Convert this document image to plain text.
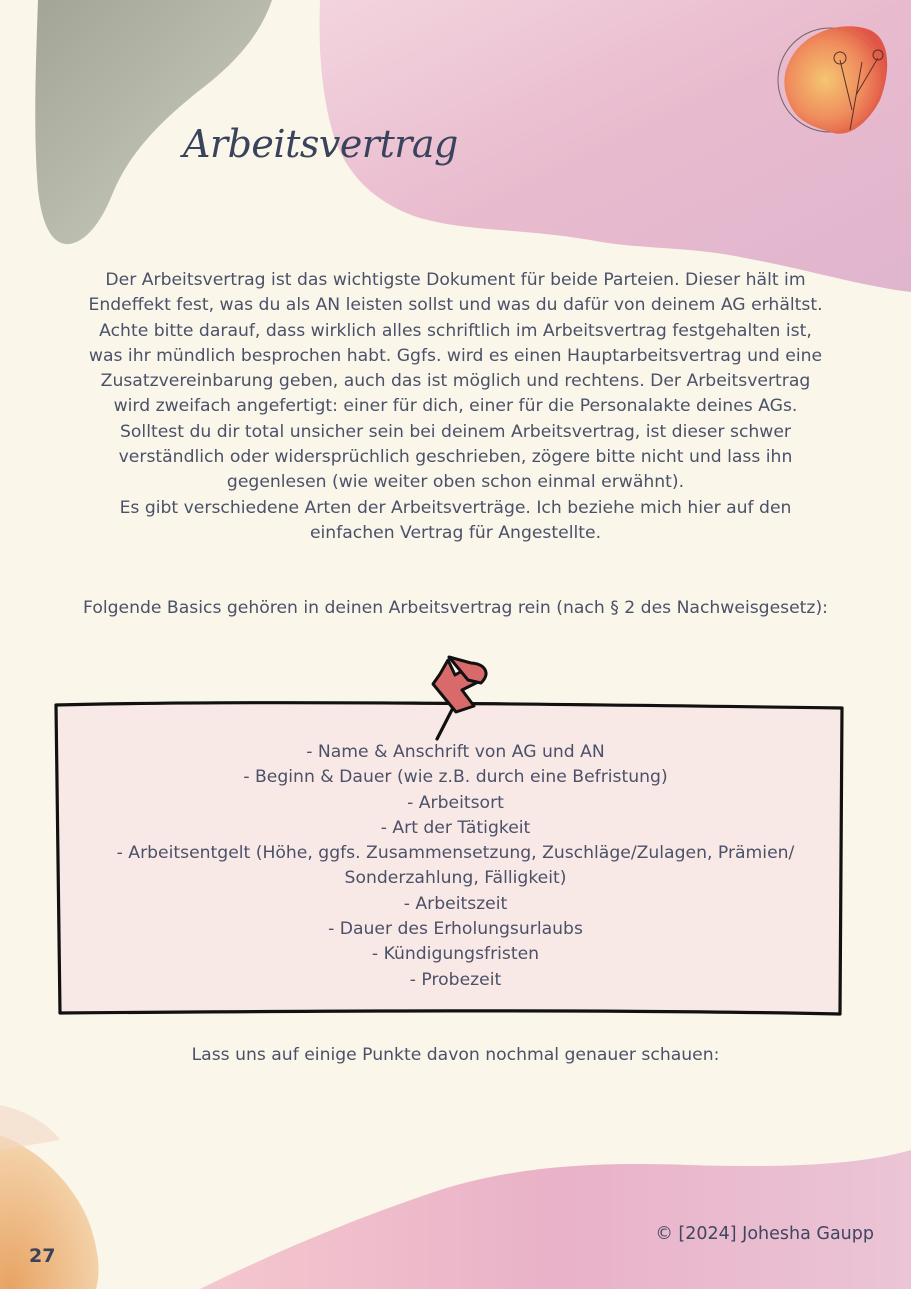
Arbeitsvertrag

Der Arbeitsvertrag ist das wichtigste Dokument für beide Parteien. Dieser hält im Endeffekt fest, was du als AN leisten sollst und was du dafür von deinem AG erhältst. Achte bitte darauf, dass wirklich alles schriftlich im Arbeitsvertrag festgehalten ist, was ihr mündlich besprochen habt. Ggfs. wird es einen Hauptarbeitsvertrag und eine Zusatzvereinbarung geben, auch das ist möglich und rechtens. Der Arbeitsvertrag wird zweifach angefertigt: einer für dich, einer für die Personalakte deines AGs. Solltest du dir total unsicher sein bei deinem Arbeitsvertrag, ist dieser schwer verständlich oder widersprüchlich geschrieben, zögere bitte nicht und lass ihn gegenlesen (wie weiter oben schon einmal erwähnt).

Es gibt verschiedene Arten der Arbeitsverträge. Ich beziehe mich hier auf den einfachen Vertrag für Angestellte.

Folgende Basics gehören in deinen Arbeitsvertrag rein (nach § 2 des Nachweisgesetz):

- Name & Anschrift von AG und AN
- Beginn & Dauer (wie z.B. durch eine Befristung)
- Arbeitsort
- Art der Tätigkeit
- Arbeitsentgelt (Höhe, ggfs. Zusammensetzung, Zuschläge/Zulagen, Prämien/ Sonderzahlung, Fälligkeit)
- Arbeitszeit
- Dauer des Erholungsurlaubs
- Kündigungsfristen
- Probezeit

Lass uns auf einige Punkte davon nochmal genauer schauen:

© [2024] Johesha Gaupp

27
